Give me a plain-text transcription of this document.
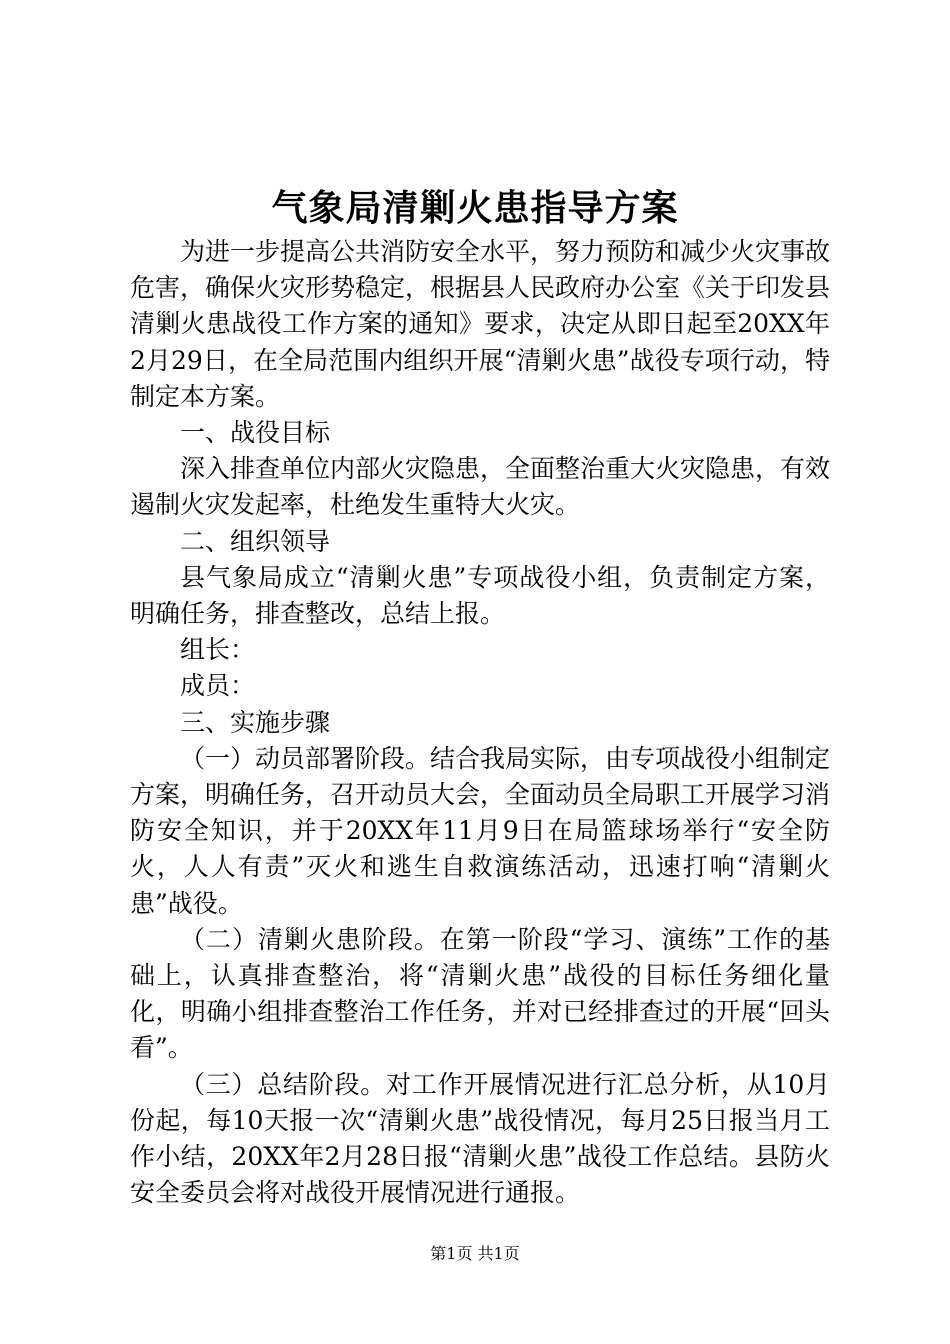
气象局清剿火患指导方案

为进一步提高公共消防安全水平，努力预防和减少火灾事故危害，确保火灾形势稳定，根据县人民政府办公室《关于印发县清剿火患战役工作方案的通知》要求，决定从即日起至20XX年2月29日，在全局范围内组织开展“清剿火患”战役专项行动，特制定本方案。

一、战役目标

深入排查单位内部火灾隐患，全面整治重大火灾隐患，有效遏制火灾发起率，杜绝发生重特大火灾。

二、组织领导

县气象局成立“清剿火患”专项战役小组，负责制定方案，明确任务，排查整改，总结上报。

组长：

成员：

三、实施步骤

（一）动员部署阶段。结合我局实际，由专项战役小组制定方案，明确任务，召开动员大会，全面动员全局职工开展学习消防安全知识，并于20XX年11月9日在局篮球场举行“安全防火，人人有责”灭火和逃生自救演练活动，迅速打响“清剿火患”战役。

（二）清剿火患阶段。在第一阶段“学习、演练”工作的基础上，认真排查整治，将“清剿火患”战役的目标任务细化量化，明确小组排查整治工作任务，并对已经排查过的开展“回头看”。

（三）总结阶段。对工作开展情况进行汇总分析，从10月份起，每10天报一次“清剿火患”战役情况，每月25日报当月工作小结，20XX年2月28日报“清剿火患”战役工作总结。县防火安全委员会将对战役开展情况进行通报。

第1页 共1页
